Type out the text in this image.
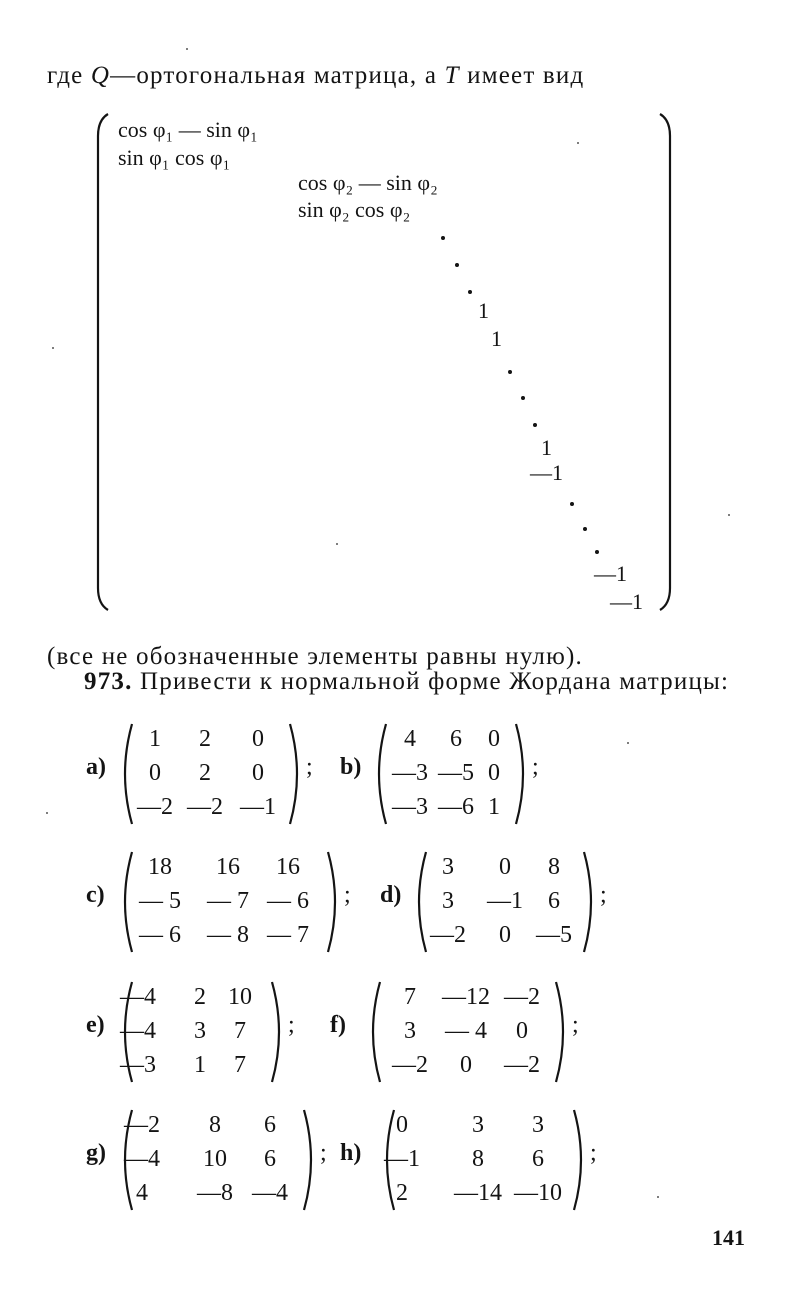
где Q—ортогональная матрица, а T имеет вид
cos φ₁ — sin φ₁
sin φ₁ cos φ₁
cos φ₂ — sin φ₂
sin φ₂ cos φ₂
1
1
1
—1
—1
—1
(все не обозначенные элементы равны нулю).
973. Привести к нормальной форме Жордана матрицы:
141
a)
1 2 0
0 2 0
—2 —2 —1
; b)
4 6 0
—3 —5 0
—3 —6 1
;
c)
18 16 16
— 5 — 7 — 6
— 6 — 8 — 7
; d)
3 0 8
3 —1 6
—2 0 —5
;
e)
—4 2 10
—4 3 7
—3 1 7
; f)
7 —12 —2
3 — 4 0
—2 0 —2
;
g)
—2 8 6
—4 10 6
4 —8 —4
; h)
0	3 3
—1 8 6
2 —14 —10
;
